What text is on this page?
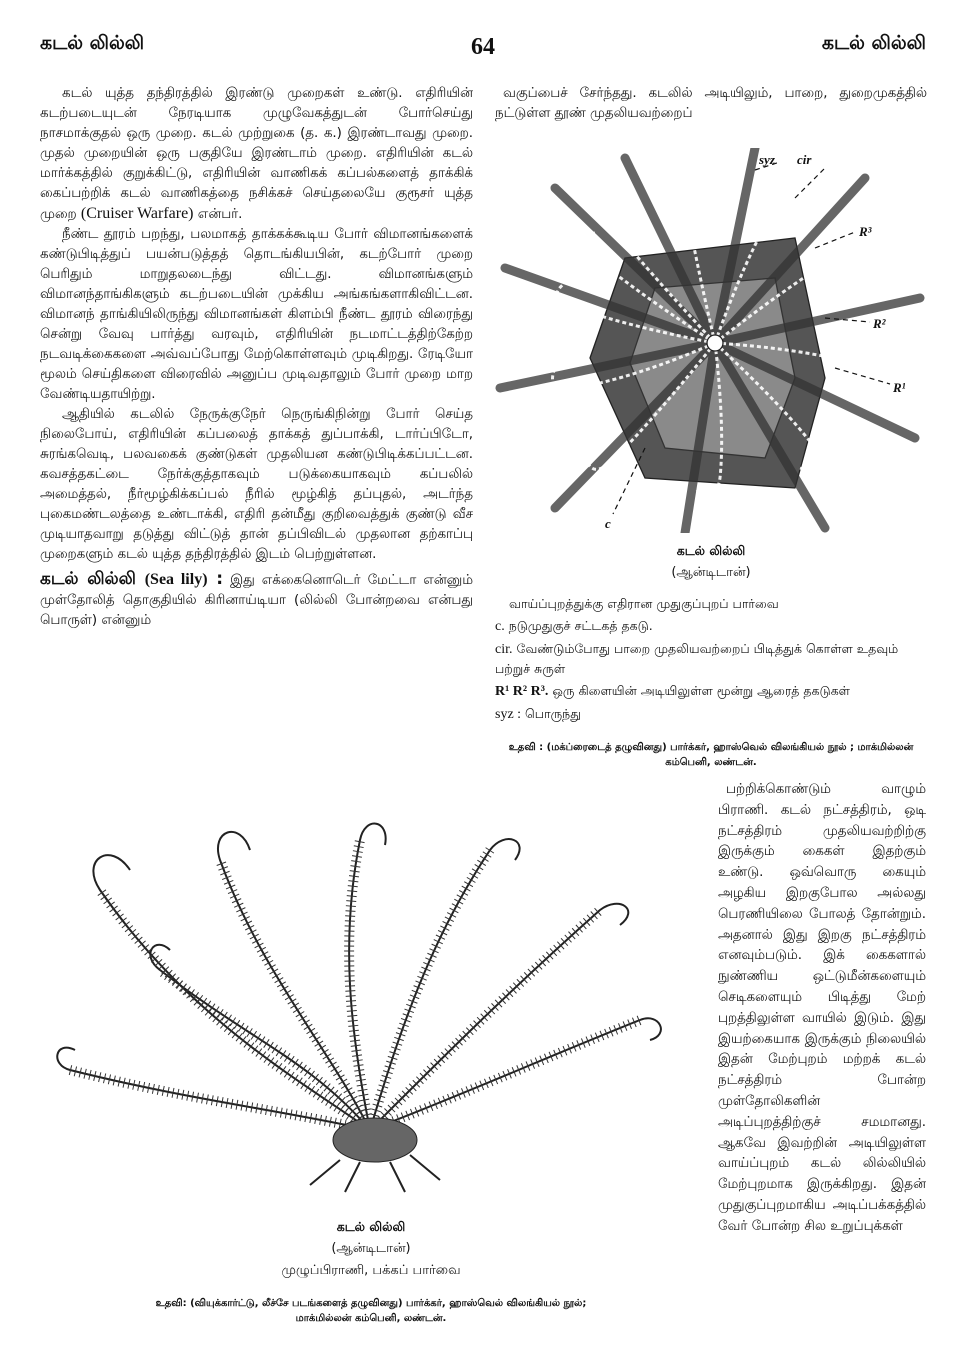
கடல் லில்லி	64	கடல் லில்லி

கடல் யுத்த தந்திரத்தில் இரண்டு முறைகள் உண்டு. எதிரியின் கடற்படையுடன் நேரடியாக முழுவேகத்துடன் போர்செய்து நாசமாக்குதல் ஒரு முறை. கடல் முற்றுகை (த. க.) இரண்டாவது முறை. முதல் முறையின் ஒரு பகுதியே இரண்டாம் முறை. எதிரியின் கடல் மார்க்கத்தில் குறுக்கிட்டு, எதிரியின் வாணிகக் கப்பல்களைத் தாக்கிக் கைப்பற்றிக் கடல் வாணிகத்தை நசிக்கச் செய்தலையே குரூசர் யுத்த முறை (Cruiser Warfare) என்பர்.

நீண்ட தூரம் பறந்து, பலமாகத் தாக்கக்கூடிய போர் விமானங்களைக் கண்டுபிடித்துப் பயன்படுத்தத் தொடங்கியபின், கடற்போர் முறை பெரிதும் மாறுதலடைந்து விட்டது. விமானங்களும் விமானந்தாங்கிகளும் கடற்படையின் முக்கிய அங்கங்களாகிவிட்டன. விமானந் தாங்கியிலிருந்து விமானங்கள் கிளம்பி நீண்ட தூரம் விரைந்து சென்று வேவு பார்த்து வரவும், எதிரியின் நடமாட்டத்திற்கேற்ற நடவடிக்கைகளை அவ்வப்போது மேற்கொள்ளவும் முடிகிறது. ரேடியோ மூலம் செய்திகளை விரைவில் அனுப்ப முடிவதாலும் போர் முறை மாற வேண்டியதாயிற்று.

ஆதியில் கடலில் நேருக்குநேர் நெருங்கிநின்று போர் செய்த நிலைபோய், எதிரியின் கப்பலைத் தாக்கத் துப்பாக்கி, டார்ப்பிடோ, சுரங்கவெடி, பலவகைக் குண்டுகள் முதலியன கண்டுபிடிக்கப்பட்டன. கவசத்தகட்டை நேர்க்குத்தாகவும் படுக்கையாகவும் கப்பலில் அமைத்தல், நீர்மூழ்கிக்கப்பல் நீரில் மூழ்கித் தப்புதல், அடர்ந்த புகைமண்டலத்தை உண்டாக்கி, எதிரி தன்மீது குறிவைத்துக் குண்டு வீச முடியாதவாறு தடுத்து விட்டுத் தான் தப்பிவிடல் முதலான தற்காப்பு முறைகளும் கடல் யுத்த தந்திரத்தில் இடம் பெற்றுள்ளன.

கடல் லில்லி (Sea lily) : இது எக்கைனொடெர் மேட்டா என்னும் முள்தோலித் தொகுதியில் கிரினாய்டியா (லில்லி போன்றவை என்பது பொருள்) என்னும்

வகுப்பைச் சேர்ந்தது. கடலில் அடியிலும், பாறை, துறைமுகத்தில் நட்டுள்ள தூண் முதலியவற்றைப்

syz cir
R³
R²
R¹
c
கடல் லில்லி
(ஆன்டிடான்)
வாய்ப்புறத்துக்கு எதிரான முதுகுப்புறப் பார்வை
c. நடுமுதுகுச் சட்டகத் தகடு.
cir. வேண்டும்போது பாறை முதலியவற்றைப் பிடித்துக் கொள்ள உதவும் பற்றுச் சுருள்
R¹ R² R³. ஒரு கிளையின் அடியிலுள்ள மூன்று ஆரைத் தகடுகள்
syz : பொருந்து
உதவி : (மக்ப்ரைடைத் தழுவினது) பார்க்கர், ஹாஸ்வெல் விலங்கியல் நூல் ; மாக்மில்லன் கம்பெனி, லண்டன்.
கடல் லில்லி
(ஆன்டிடான்)
முழுப்பிராணி, பக்கப் பார்வை
உதவி: (வியுக்கார்ட்டு, லீச்சே படங்களைத் தழுவினது) பார்க்கர், ஹாஸ்வெல் விலங்கியல் நூல்;
மாக்மில்லன் கம்பெனி, லண்டன்.

பற்றிக்கொண்டும் வாழும் பிராணி. கடல் நட்சத்திரம், ஒடி நட்சத்திரம் முதலியவற்றிற்கு இருக்கும் கைகள் இதற்கும் உண்டு. ஒவ்வொரு கையும் அழகிய இறகுபோல அல்லது பெரணியிலை போலத் தோன்றும். அதனால் இது இறகு நட்சத்திரம் எனவும்படும். இக் கைகளால் நுண்ணிய ஒட்டுமீன்களையும் செடிகளையும் பிடித்து மேற் புறத்திலுள்ள வாயில் இடும். இது இயற்கையாக இருக்கும் நிலையில் இதன் மேற்புறம் மற்றக் கடல் நட்சத்திரம் போன்ற முள்தோலிகளின் அடிப்புறத்திற்குச் சமமானது. ஆகவே இவற்றின் அடியிலுள்ள வாய்ப்புறம் கடல் லில்லியில் மேற்புறமாக இருக்கிறது. இதன் முதுகுப்புறமாகிய அடிப்பக்கத்தில் வேர் போன்ற சில உறுப்புக்கள்
